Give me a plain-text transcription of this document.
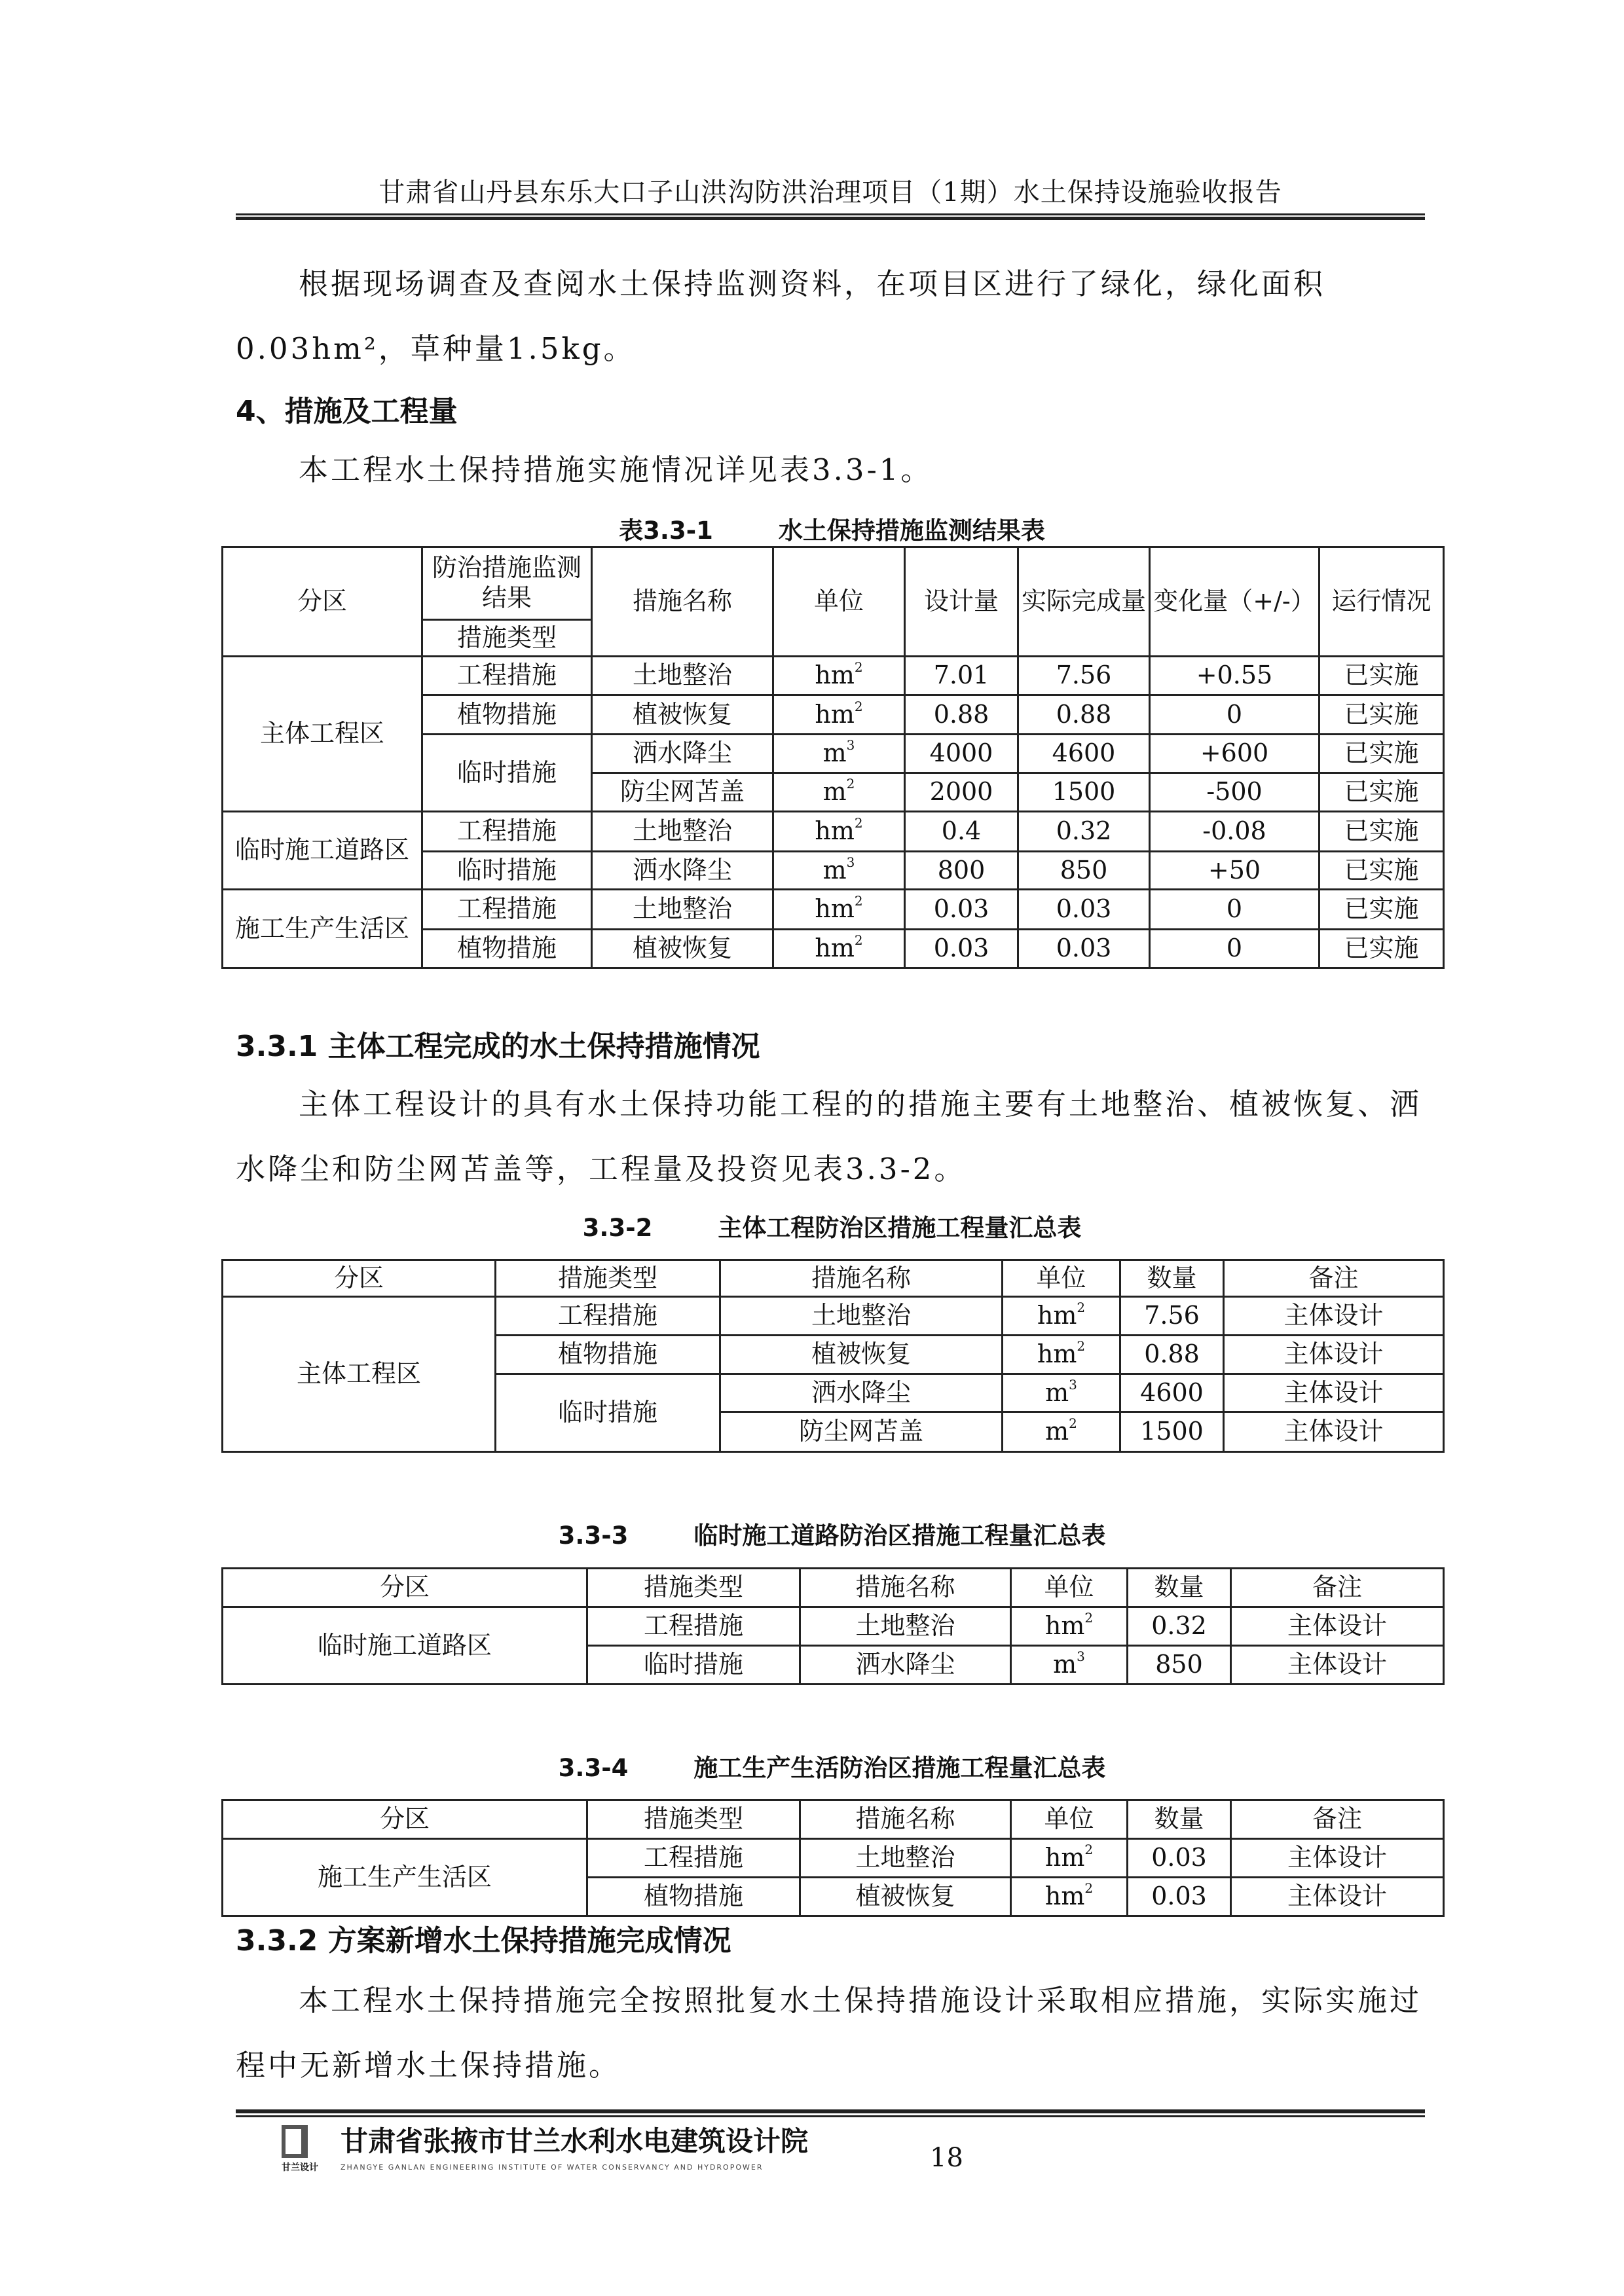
甘肃省山丹县东乐大口子山洪沟防洪治理项目（1期）水土保持设施验收报告
根据现场调查及查阅水土保持监测资料，在项目区进行了绿化，绿化面积0.03hm²，草种量1.5kg。
4、措施及工程量
本工程水土保持措施实施情况详见表3.3-1。
表3.3-1	水土保持措施监测结果表
分区	防治措施监测结果	措施名称	单位	设计量	实际完成量	变化量（+/-）	运行情况
	措施类型						
主体工程区	工程措施	土地整治	$hm^2$	7.01	7.56	+0.55	已实施
	植物措施	植被恢复	$hm^2$	0.88	0.88	0	已实施
	临时措施	洒水降尘	$m^3$	4000	4600	+600	已实施
		防尘网苫盖	$m^2$	2000	1500	-500	已实施
临时施工道路区	工程措施	土地整治	$hm^2$	0.4	0.32	-0.08	已实施
	临时措施	洒水降尘	$m^3$	800	850	+50	已实施
施工生产生活区	工程措施	土地整治	$hm^2$	0.03	0.03	0	已实施
	植物措施	植被恢复	$hm^2$	0.03	0.03	0	已实施
3.3.1 主体工程完成的水土保持措施情况
主体工程设计的具有水土保持功能工程的的措施主要有土地整治、植被恢复、洒水降尘和防尘网苫盖等，工程量及投资见表3.3-2。
3.3-2	主体工程防治区措施工程量汇总表
分区	措施类型	措施名称	单位	数量	备注
主体工程区	工程措施	土地整治	$hm^2$	7.56	主体设计
	植物措施	植被恢复	$hm^2$	0.88	主体设计
	临时措施	洒水降尘	$m^3$	4600	主体设计
		防尘网苫盖	$m^2$	1500	主体设计
3.3-3	临时施工道路防治区措施工程量汇总表
分区	措施类型	措施名称	单位	数量	备注
临时施工道路区	工程措施	土地整治	$hm^2$	0.32	主体设计
	临时措施	洒水降尘	$m^3$	850	主体设计
3.3-4	施工生产生活防治区措施工程量汇总表
分区	措施类型	措施名称	单位	数量	备注
施工生产生活区	工程措施	土地整治	$hm^2$	0.03	主体设计
	植物措施	植被恢复	$hm^2$	0.03	主体设计
3.3.2 方案新增水土保持措施完成情况
本工程水土保持措施完全按照批复水土保持措施设计采取相应措施，实际实施过程中无新增水土保持措施。
甘兰设计
甘肃省张掖市甘兰水利水电建筑设计院
ZHANGYE GANLAN ENGINEERING INSTITUTE OF WATER CONSERVANCY AND HYDROPOWER	18
